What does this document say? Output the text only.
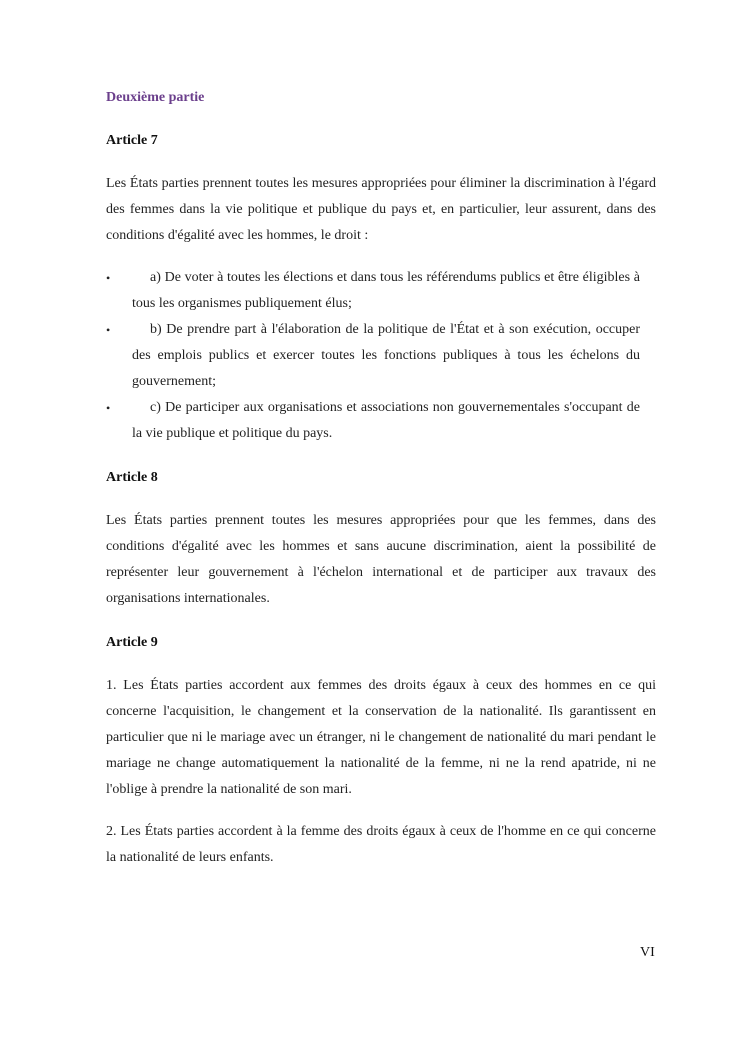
Deuxième partie
Article 7

Les États parties prennent toutes les mesures appropriées pour éliminer la discrimination à l'égard des femmes dans la vie politique et publique du pays et, en particulier, leur assurent, dans des conditions d'égalité avec les hommes, le droit :

•	a) De voter à toutes les élections et dans tous les référendums publics et être éligibles à tous les organismes publiquement élus;
•	b) De prendre part à l'élaboration de la politique de l'État et à son exécution, occuper des emplois publics et exercer toutes les fonctions publiques à tous les échelons du gouvernement;
•	c) De participer aux organisations et associations non gouvernementales s'occupant de la vie publique et politique du pays.
Article 8

Les États parties prennent toutes les mesures appropriées pour que les femmes, dans des conditions d'égalité avec les hommes et sans aucune discrimination, aient la possibilité de représenter leur gouvernement à l'échelon international et de participer aux travaux des organisations internationales.

Article 9

1. Les États parties accordent aux femmes des droits égaux à ceux des hommes en ce qui concerne l'acquisition, le changement et la conservation de la nationalité. Ils garantissent en particulier que ni le mariage avec un étranger, ni le changement de nationalité du mari pendant le mariage ne change automatiquement la nationalité de la femme, ni ne la rend apatride, ni ne l'oblige à prendre la nationalité de son mari.

2. Les États parties accordent à la femme des droits égaux à ceux de l'homme en ce qui concerne la nationalité de leurs enfants.

VI
